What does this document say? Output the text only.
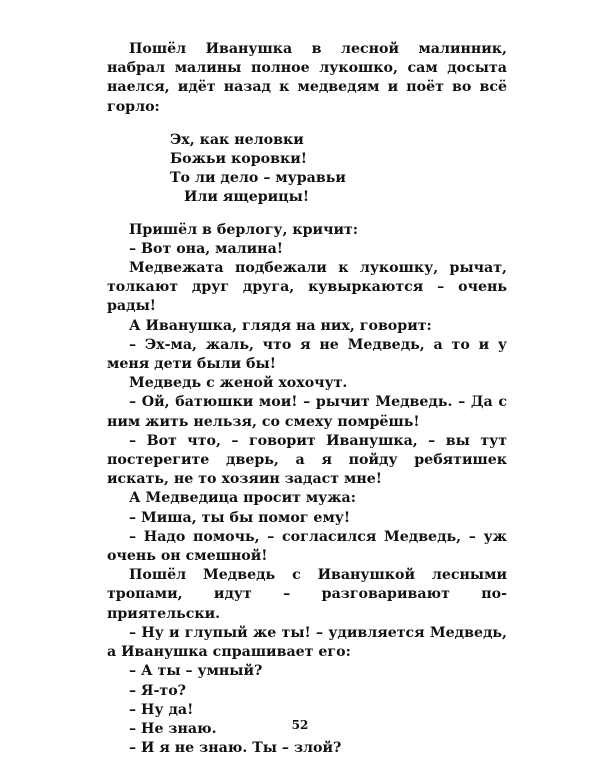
Пошёл Иванушка в лесной малинник, набрал малины полное лукошко, сам досыта наелся, идёт назад к медведям и поёт во всё горло:

Эх, как неловки
Божьи коровки!
То ли дело – муравьи
Или ящерицы!

Пришёл в берлогу, кричит:

– Вот она, малина!

Медвежата подбежали к лукошку, рычат, толкают друг друга, кувыркаются – очень рады!

А Иванушка, глядя на них, говорит:

– Эх-ма, жаль, что я не Медведь, а то и у меня дети были бы!

Медведь с женой хохочут.

– Ой, батюшки мои! – рычит Медведь. – Да с ним жить нельзя, со смеху помрёшь!

– Вот что, – говорит Иванушка, – вы тут постерегите дверь, а я пойду ребятишек искать, не то хозяин задаст мне!

А Медведица просит мужа:

– Миша, ты бы помог ему!

– Надо помочь, – согласился Медведь, – уж очень он смешной!

Пошёл Медведь с Иванушкой лесными тропами, идут – разговаривают по-приятельски.

– Ну и глупый же ты! – удивляется Медведь, а Иванушка спрашивает его:

– А ты – умный?

– Я-то?

– Ну да!

– Не знаю.

– И я не знаю. Ты – злой?

52
